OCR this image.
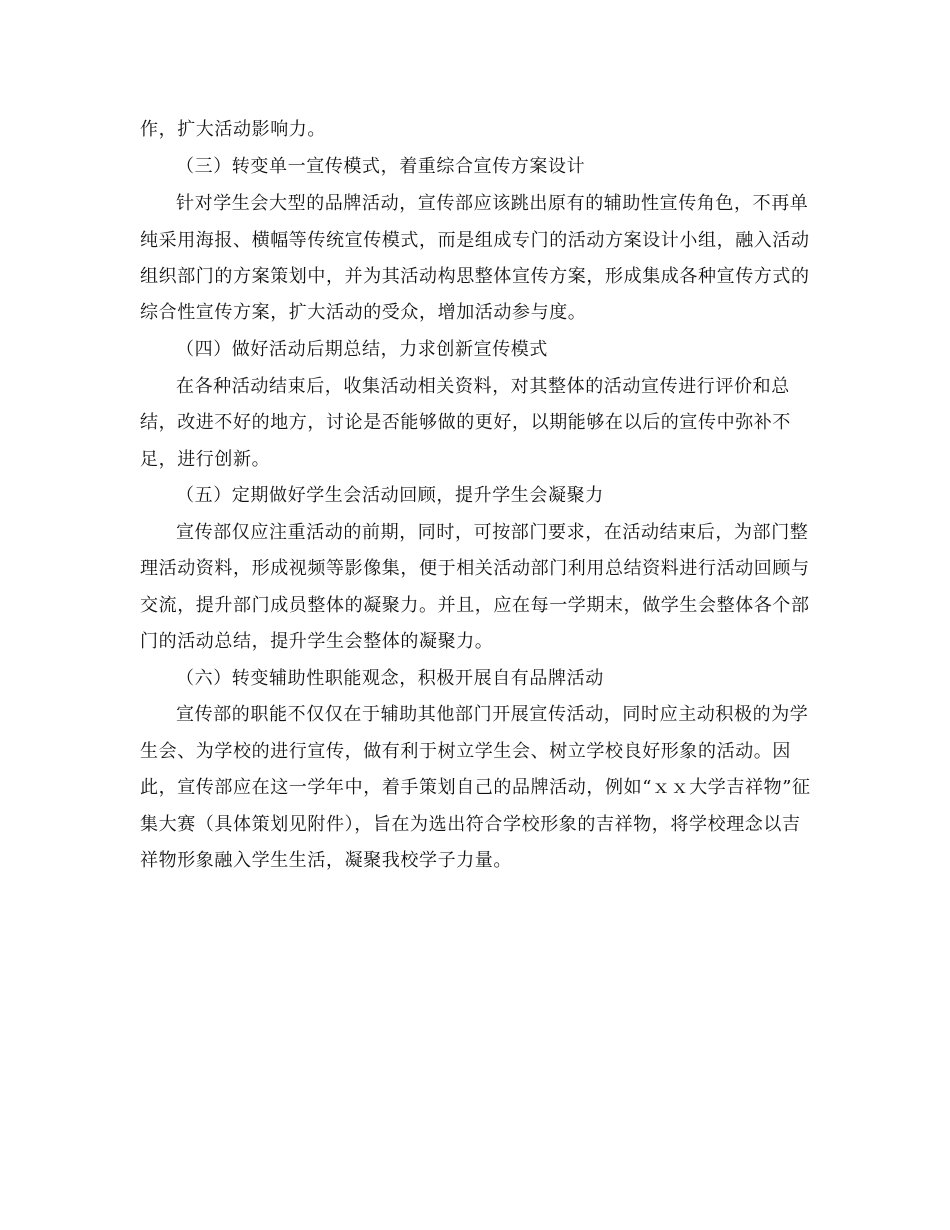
作，扩大活动影响力。
（三）转变单一宣传模式，着重综合宣传方案设计
针对学生会大型的品牌活动，宣传部应该跳出原有的辅助性宣传角色，不再单
纯采用海报、横幅等传统宣传模式，而是组成专门的活动方案设计小组，融入活动
组织部门的方案策划中，并为其活动构思整体宣传方案，形成集成各种宣传方式的
综合性宣传方案，扩大活动的受众，增加活动参与度。
（四）做好活动后期总结，力求创新宣传模式
在各种活动结束后，收集活动相关资料，对其整体的活动宣传进行评价和总
结，改进不好的地方，讨论是否能够做的更好，以期能够在以后的宣传中弥补不
足，进行创新。
（五）定期做好学生会活动回顾，提升学生会凝聚力
宣传部仅应注重活动的前期，同时，可按部门要求，在活动结束后，为部门整
理活动资料，形成视频等影像集，便于相关活动部门利用总结资料进行活动回顾与
交流，提升部门成员整体的凝聚力。并且，应在每一学期末，做学生会整体各个部
门的活动总结，提升学生会整体的凝聚力。
（六）转变辅助性职能观念，积极开展自有品牌活动
宣传部的职能不仅仅在于辅助其他部门开展宣传活动，同时应主动积极的为学
生会、为学校的进行宣传，做有利于树立学生会、树立学校良好形象的活动。因
此，宣传部应在这一学年中，着手策划自己的品牌活动，例如“ｘｘ大学吉祥物”征
集大赛（具体策划见附件），旨在为选出符合学校形象的吉祥物，将学校理念以吉
祥物形象融入学生生活，凝聚我校学子力量。
